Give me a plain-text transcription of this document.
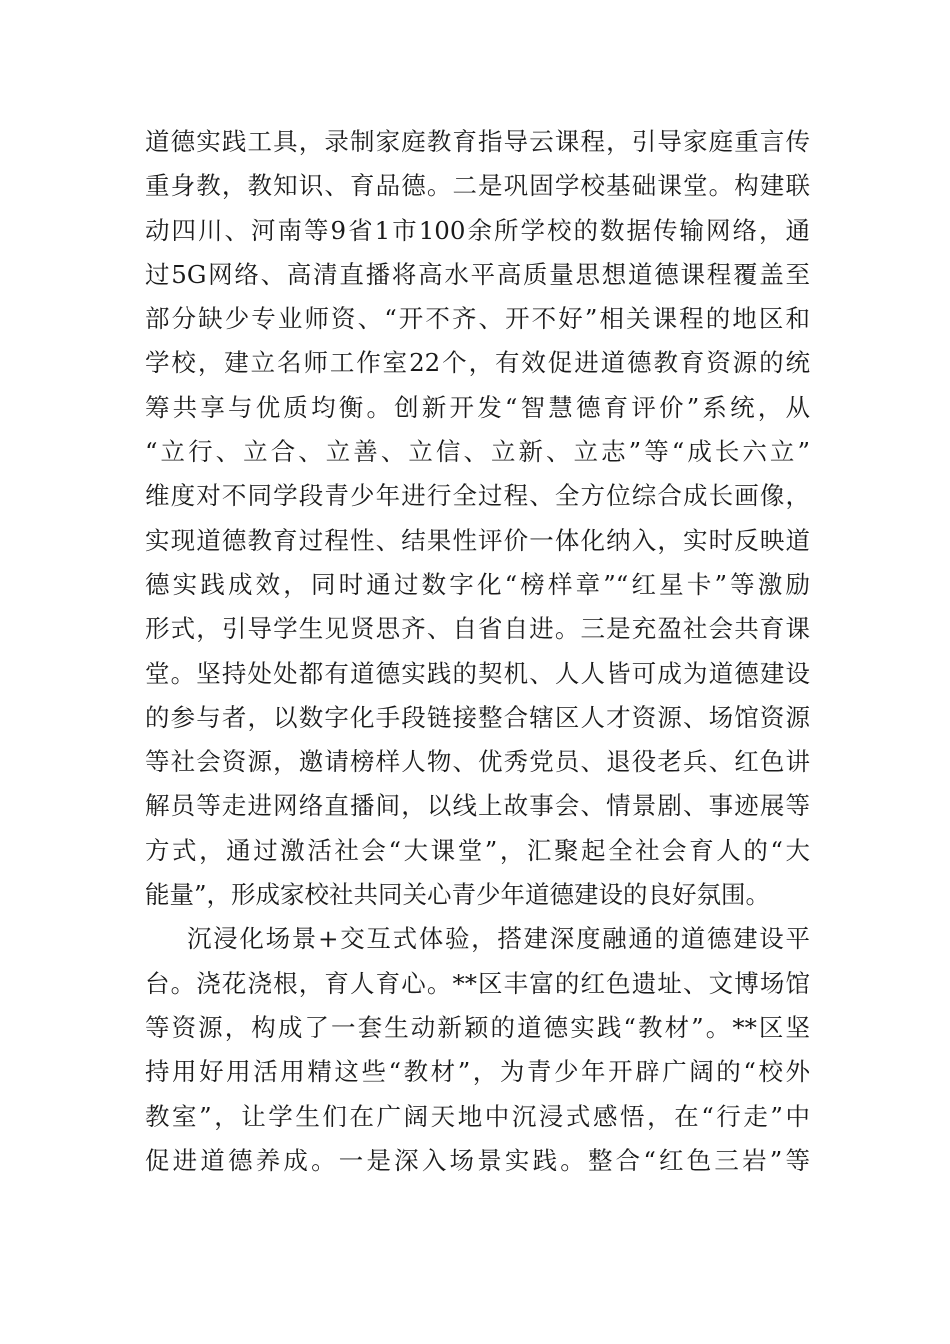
道德实践工具，录制家庭教育指导云课程，引导家庭重言传
重身教，教知识、育品德。二是巩固学校基础课堂。构建联
动四川、河南等9省1市100余所学校的数据传输网络，通
过5G网络、高清直播将高水平高质量思想道德课程覆盖至
部分缺少专业师资、“开不齐、开不好”相关课程的地区和
学校，建立名师工作室22个，有效促进道德教育资源的统
筹共享与优质均衡。创新开发“智慧德育评价”系统，从
“立行、立合、立善、立信、立新、立志”等“成长六立”
维度对不同学段青少年进行全过程、全方位综合成长画像，
实现道德教育过程性、结果性评价一体化纳入，实时反映道
德实践成效，同时通过数字化“榜样章”“红星卡”等激励
形式，引导学生见贤思齐、自省自进。三是充盈社会共育课
堂。坚持处处都有道德实践的契机、人人皆可成为道德建设
的参与者，以数字化手段链接整合辖区人才资源、场馆资源
等社会资源，邀请榜样人物、优秀党员、退役老兵、红色讲
解员等走进网络直播间，以线上故事会、情景剧、事迹展等
方式，通过激活社会“大课堂”，汇聚起全社会育人的“大
能量”，形成家校社共同关心青少年道德建设的良好氛围。
沉浸化场景+交互式体验，搭建深度融通的道德建设平
台。浇花浇根，育人育心。**区丰富的红色遗址、文博场馆
等资源，构成了一套生动新颖的道德实践“教材”。**区坚
持用好用活用精这些“教材”，为青少年开辟广阔的“校外
教室”，让学生们在广阔天地中沉浸式感悟，在“行走”中
促进道德养成。一是深入场景实践。整合“红色三岩”等
